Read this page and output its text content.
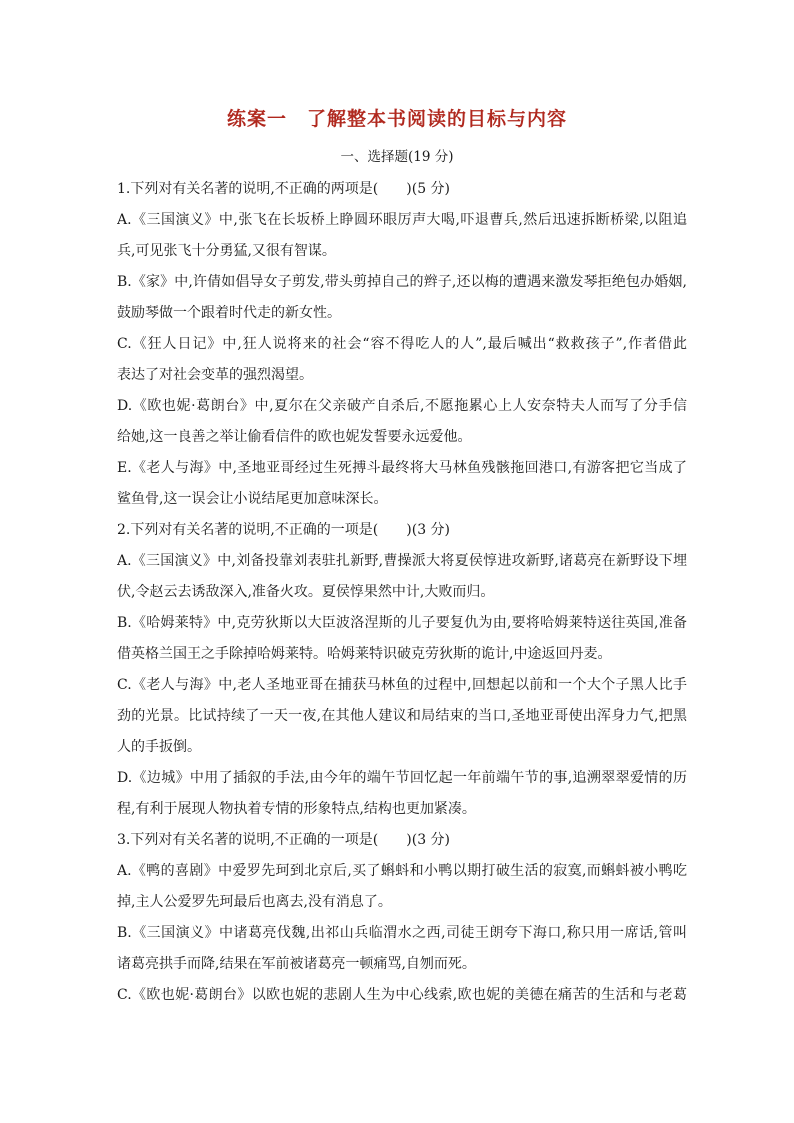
练案一　了解整本书阅读的目标与内容
一、选择题(19 分)
1.下列对有关名著的说明,不正确的两项是(　　)(5 分)
A.《三国演义》中,张飞在长坂桥上睁圆环眼厉声大喝,吓退曹兵,然后迅速拆断桥梁,以阻追
兵,可见张飞十分勇猛,又很有智谋。
B.《家》中,许倩如倡导女子剪发,带头剪掉自己的辫子,还以梅的遭遇来激发琴拒绝包办婚姻,
鼓励琴做一个跟着时代走的新女性。
C.《狂人日记》中,狂人说将来的社会“容不得吃人的人”,最后喊出“救救孩子”,作者借此
表达了对社会变革的强烈渴望。
D.《欧也妮·葛朗台》中,夏尔在父亲破产自杀后,不愿拖累心上人安奈特夫人而写了分手信
给她,这一良善之举让偷看信件的欧也妮发誓要永远爱他。
E.《老人与海》中,圣地亚哥经过生死搏斗最终将大马林鱼残骸拖回港口,有游客把它当成了
鲨鱼骨,这一误会让小说结尾更加意味深长。
2.下列对有关名著的说明,不正确的一项是(　　)(3 分)
A.《三国演义》中,刘备投靠刘表驻扎新野,曹操派大将夏侯惇进攻新野,诸葛亮在新野设下埋
伏,令赵云去诱敌深入,准备火攻。夏侯惇果然中计,大败而归。
B.《哈姆莱特》中,克劳狄斯以大臣波洛涅斯的儿子要复仇为由,要将哈姆莱特送往英国,准备
借英格兰国王之手除掉哈姆莱特。哈姆莱特识破克劳狄斯的诡计,中途返回丹麦。
C.《老人与海》中,老人圣地亚哥在捕获马林鱼的过程中,回想起以前和一个大个子黑人比手
劲的光景。比试持续了一天一夜,在其他人建议和局结束的当口,圣地亚哥使出浑身力气,把黑
人的手扳倒。
D.《边城》中用了插叙的手法,由今年的端午节回忆起一年前端午节的事,追溯翠翠爱情的历
程,有利于展现人物执着专情的形象特点,结构也更加紧凑。
3.下列对有关名著的说明,不正确的一项是(　　)(3 分)
A.《鸭的喜剧》中爱罗先珂到北京后,买了蝌蚪和小鸭以期打破生活的寂寞,而蝌蚪被小鸭吃
掉,主人公爱罗先珂最后也离去,没有消息了。
B.《三国演义》中诸葛亮伐魏,出祁山兵临渭水之西,司徒王朗夸下海口,称只用一席话,管叫
诸葛亮拱手而降,结果在军前被诸葛亮一顿痛骂,自刎而死。
C.《欧也妮·葛朗台》以欧也妮的悲剧人生为中心线索,欧也妮的美德在痛苦的生活和与老葛
